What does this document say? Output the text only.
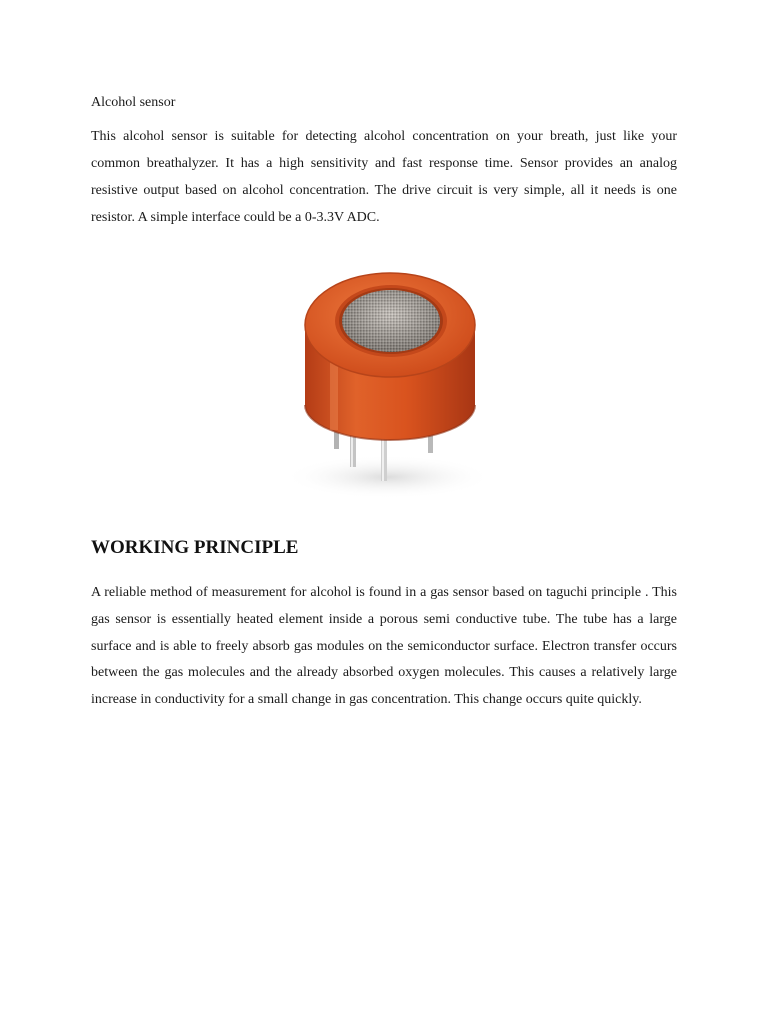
Alcohol sensor
This alcohol sensor is suitable for detecting alcohol concentration on your breath, just like your common breathalyzer. It has a high sensitivity and fast response time. Sensor provides an analog resistive output based on alcohol concentration. The drive circuit is very simple, all it needs is one resistor. A simple interface could be a 0-3.3V ADC.
WORKING PRINCIPLE
A reliable method of measurement for alcohol is found in a gas sensor based on taguchi principle . This gas sensor is essentially heated element inside a porous semi conductive tube. The tube has a large surface and is able to freely absorb gas modules on the semiconductor surface. Electron transfer occurs between the gas molecules and the already absorbed oxygen molecules. This causes a relatively large increase in conductivity for a small change in gas concentration. This change occurs quite quickly.
